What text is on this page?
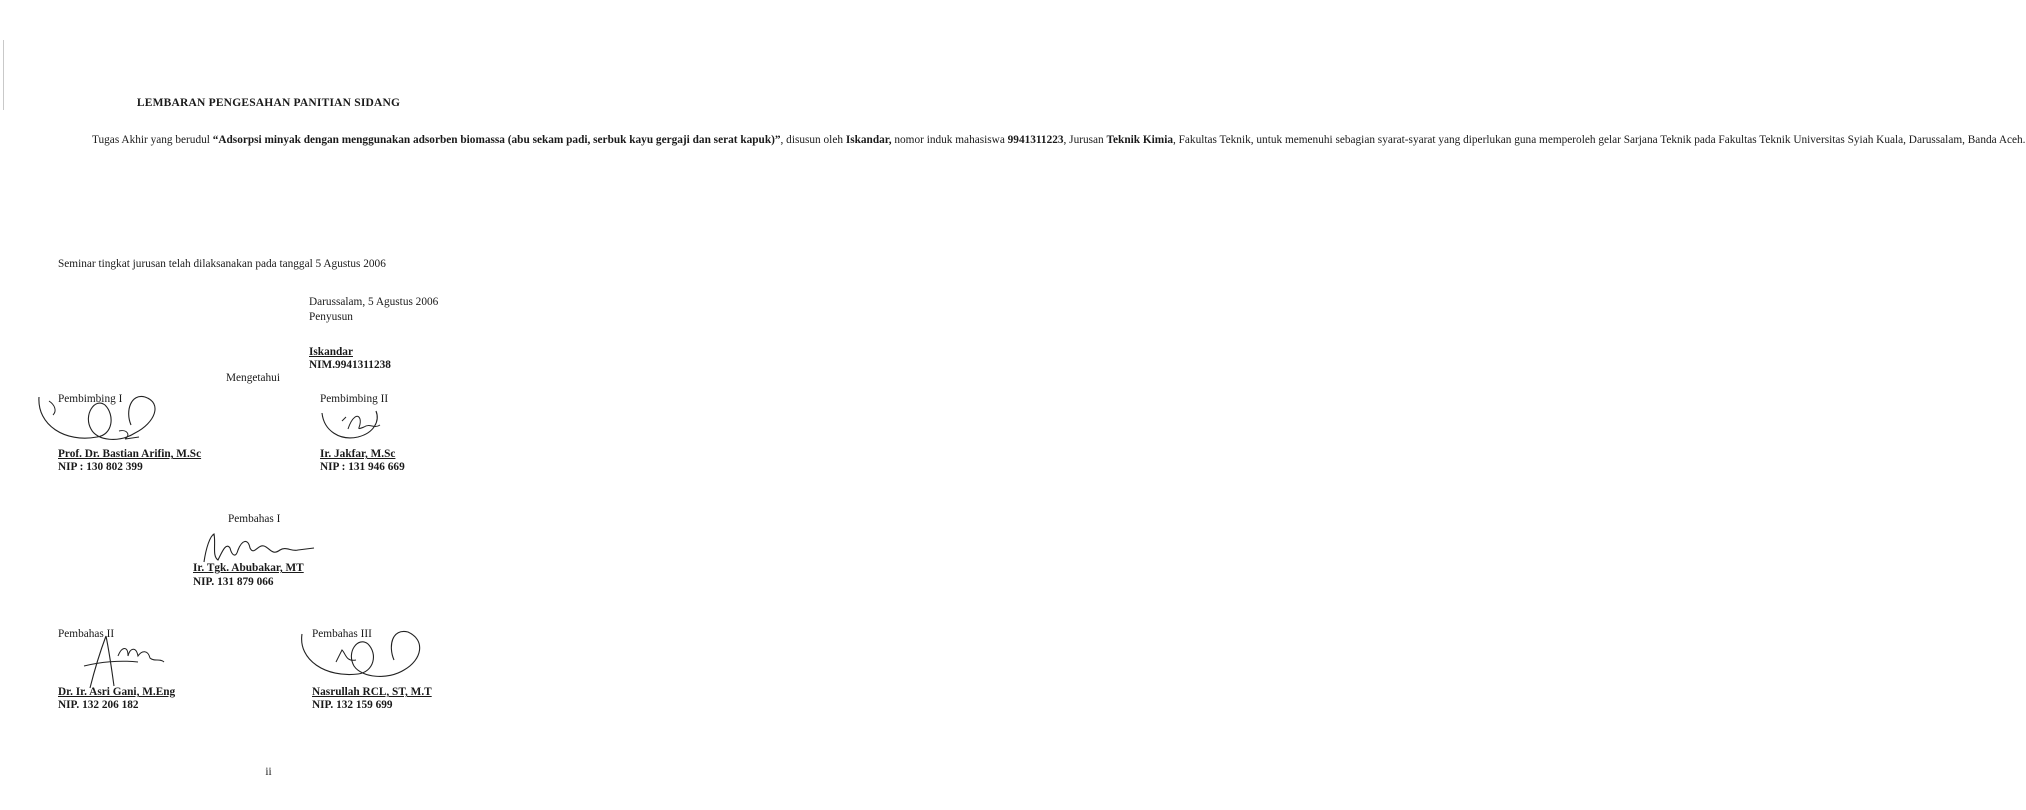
LEMBARAN PENGESAHAN PANITIAN SIDANG

Tugas Akhir yang berudul “Adsorpsi minyak dengan menggunakan adsorben biomassa (abu sekam padi, serbuk kayu gergaji dan serat kapuk)”, disusun oleh Iskandar, nomor induk mahasiswa 9941311223, Jurusan Teknik Kimia, Fakultas Teknik, untuk memenuhi sebagian syarat-syarat yang diperlukan guna memperoleh gelar Sarjana Teknik pada Fakultas Teknik Universitas Syiah Kuala, Darussalam, Banda Aceh.

Seminar tingkat jurusan telah dilaksanakan pada tanggal 5 Agustus 2006
Darussalam, 5 Agustus 2006
Penyusun
Iskandar
NIM.9941311238
Mengetahui
Pembimbing I
Prof. Dr. Bastian Arifin, M.Sc
NIP : 130 802 399
Pembimbing II
Ir. Jakfar, M.Sc
NIP : 131 946 669
Pembahas I
Ir. Tgk. Abubakar, MT
NIP. 131 879 066
Pembahas II
Dr. Ir. Asri Gani, M.Eng
NIP. 132 206 182
Pembahas III
Nasrullah RCL, ST, M.T
NIP. 132 159 699
ii
